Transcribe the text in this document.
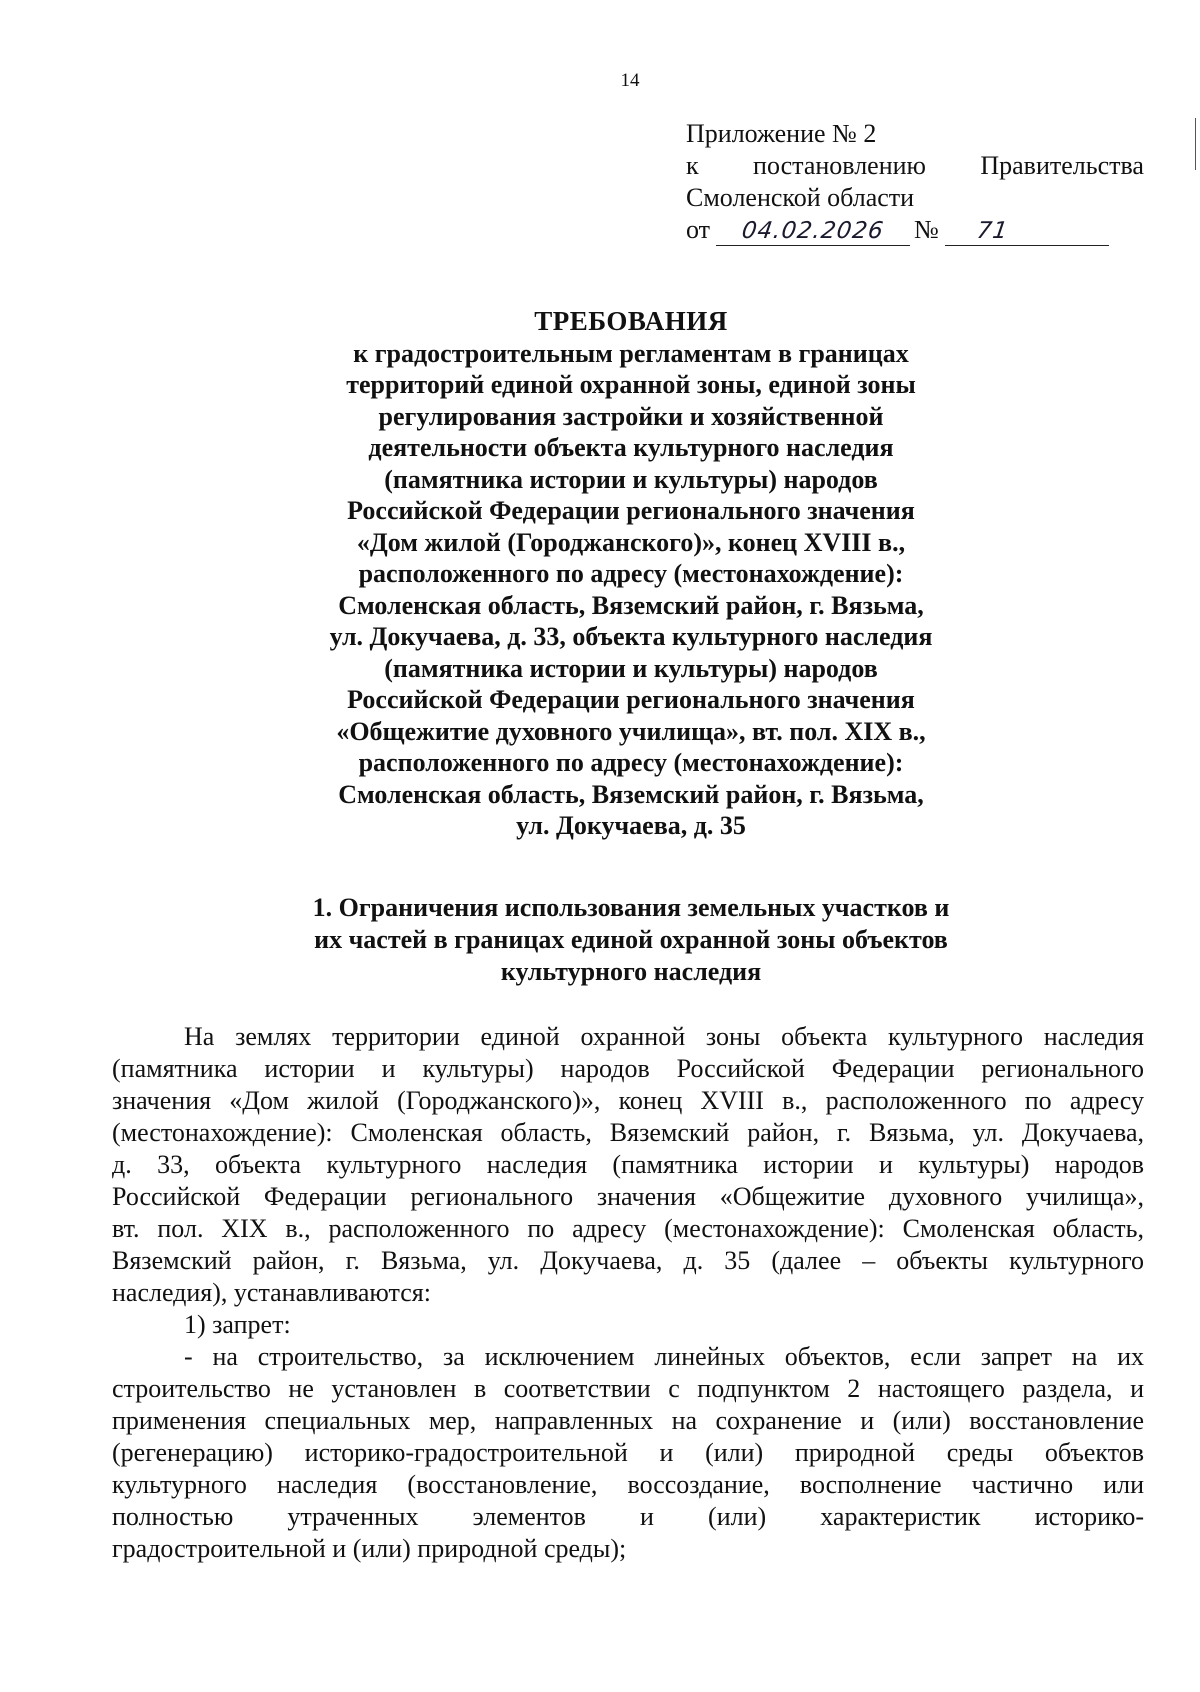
14
Приложение № 2
к постановлению Правительства
Смоленской области
от	04.02.2026	№	71
ТРЕБОВАНИЯ
к градостроительным регламентам в границах
территорий единой охранной зоны, единой зоны
регулирования застройки и хозяйственной
деятельности объекта культурного наследия
(памятника истории и культуры) народов
Российской Федерации регионального значения
«Дом жилой (Городжанского)», конец XVIII в.,
расположенного по адресу (местонахождение):
Смоленская область, Вяземский район, г. Вязьма,
ул. Докучаева, д. 33, объекта культурного наследия
(памятника истории и культуры) народов
Российской Федерации регионального значения
«Общежитие духовного училища», вт. пол. XIX в.,
расположенного по адресу (местонахождение):
Смоленская область, Вяземский район, г. Вязьма,
ул. Докучаева, д. 35
1. Ограничения использования земельных участков и
их частей в границах единой охранной зоны объектов
культурного наследия
На землях территории единой охранной зоны объекта культурного наследия
(памятника истории и культуры) народов Российской Федерации регионального
значения «Дом жилой (Городжанского)», конец XVIII в., расположенного по адресу
(местонахождение): Смоленская область, Вяземский район, г. Вязьма, ул. Докучаева,
д. 33, объекта культурного наследия (памятника истории и культуры) народов
Российской Федерации регионального значения «Общежитие духовного училища»,
вт. пол. XIX в., расположенного по адресу (местонахождение): Смоленская область,
Вяземский район, г. Вязьма, ул. Докучаева, д. 35 (далее – объекты культурного
наследия), устанавливаются:
1) запрет:
- на строительство, за исключением линейных объектов, если запрет на их
строительство не установлен в соответствии с подпунктом 2 настоящего раздела, и
применения специальных мер, направленных на сохранение и (или) восстановление
(регенерацию) историко-градостроительной и (или) природной среды объектов
культурного наследия (восстановление, воссоздание, восполнение частично или
полностью утраченных элементов и (или) характеристик историко-
градостроительной и (или) природной среды);
